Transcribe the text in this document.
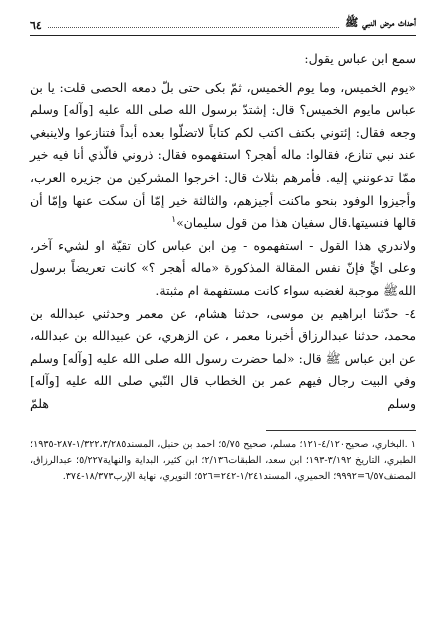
أحداث مرض النبي ﷺ
٦٤

سمع ابن عباس يقول:

«يوم الخميس، وما يوم الخميس، ثمّ بكى حتى بلّ دمعه الحصى قلت: يا بن عباس مايوم الخميس؟ قال: إشتدّ برسول الله صلى الله عليه [وآله] وسلم وجعه فقال: إئتوني بكتف اكتب لكم كتاباً لاتضلّوا بعده أبداً فتنازعوا ولاينبغي عند نبي تنازع، فقالوا: ماله أهجر؟ استفهموه فقال: ذروني فالّذي أنا فيه خير ممّا تدعونني إليه. فأمرهم بثلاث قال: اخرجوا المشركين من جزيره العرب، وأجيزوا الوفود بنحو ماكنت أجيزهم، والثالثة خير إمّا أن سكت عنها وإمّا أن قالها فنسيتها.قال سفيان هذا من قول سليمان»$^١$

ولاندري هذا القول - استفهموه - مِن ابن عباس كان تقيّة او لشيء آخر، وعلى ايٍّ فإنّ نفس المقالة المذكورة «ماله أهجر ؟» كانت تعريضاً برسول اللهﷺ موجبة لغضبه سواء كانت مستفهمة ام مثبتة.

٤- حدّثنا ابراهيم بن موسى، حدثنا هشام، عن معمر وحدثني عبدالله بن محمد، حدثنا عبدالرزاق أخبرنا معمر ، عن الزهري، عن عبيدالله بن عبدالله، عن ابن عباس ﷺ قال: «لما حضرت رسول الله صلى الله عليه [وآله] وسلم وفي البيت رجال فيهم عمر بن الخطاب قال النّبي صلى الله عليه [وآله] وسلم هلمّ

١ .البخاري، صحيح٤/١٢٠-١٢١؛ مسلم، صحيح ٥/٧٥؛ احمد بن حنبل، المسند١/٣٢٢،٣/٢٨٥-٢٨٧-١٩٣٥؛ الطبري، التاريخ ٣/١٩٢-١٩٣؛ ابن سعد، الطبقات٢/١٣٦؛ ابن كثير، البداية والنهاية٥/٢٢٧؛ عبدالرزاق، المصنف٦/٥٧=٩٩٩٢؛ الحميري، المسند١/٢٤١-٢٤٢=٥٢٦؛ النويري، نهاية الإرب١٨/٣٧٣-٣٧٤.
